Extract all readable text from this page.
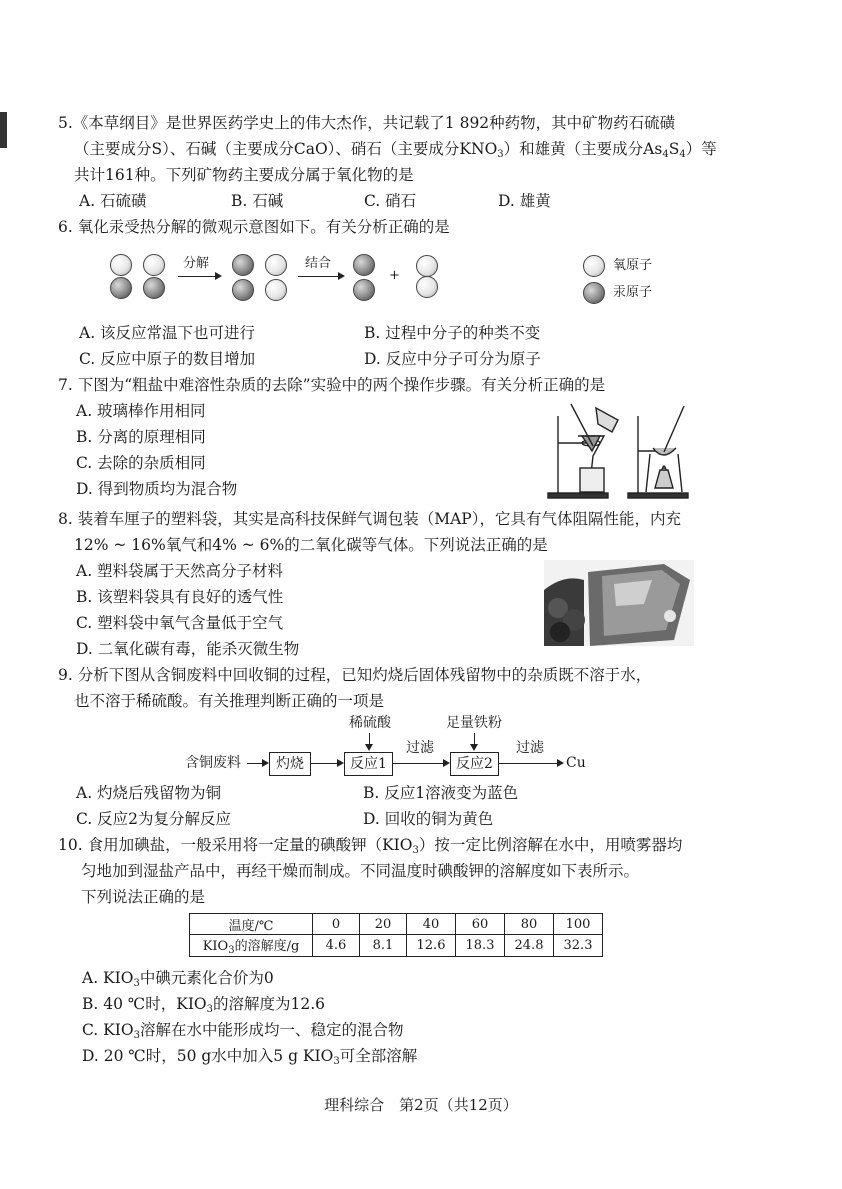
5.《本草纲目》是世界医药学史上的伟大杰作，共记载了1 892种药物，其中矿物药石硫磺
（主要成分S）、石碱（主要成分CaO）、硝石（主要成分$KNO_3$）和雄黄（主要成分$As_4S_4$）等
共计161种。下列矿物药主要成分属于氧化物的是
A. 石硫磺	B. 石碱	C. 硝石	D. 雄黄
6. 氧化汞受热分解的微观示意图如下。有关分析正确的是
分解	结合
+
氧原子
汞原子
A. 该反应常温下也可进行	B. 过程中分子的种类不变
C. 反应中原子的数目增加	D. 反应中分子可分为原子
7. 下图为“粗盐中难溶性杂质的去除”实验中的两个操作步骤。有关分析正确的是
A. 玻璃棒作用相同
B. 分离的原理相同
C. 去除的杂质相同
D. 得到物质均为混合物
8. 装着车厘子的塑料袋，其实是高科技保鲜气调包装（MAP），它具有气体阻隔性能，内充
12% ~ 16%氧气和4% ~ 6%的二氧化碳等气体。下列说法正确的是
A. 塑料袋属于天然高分子材料
B. 该塑料袋具有良好的透气性
C. 塑料袋中氧气含量低于空气
D. 二氧化碳有毒，能杀灭微生物
9. 分析下图从含铜废料中回收铜的过程，已知灼烧后固体残留物中的杂质既不溶于水，
也不溶于稀硫酸。有关推理判断正确的一项是
含铜废料	灼烧
稀硫酸
反应1
过滤
足量铁粉
反应2
过滤
Cu
A. 灼烧后残留物为铜	B. 反应1溶液变为蓝色
C. 反应2为复分解反应	D. 回收的铜为黄色
10. 食用加碘盐，一般采用将一定量的碘酸钾$(KIO_3)$按一定比例溶解在水中，用喷雾器均
匀地加到湿盐产品中，再经干燥而制成。不同温度时碘酸钾的溶解度如下表所示。
下列说法正确的是
温度/℃	0	20	40	60	80	100
$KIO_3$的溶解度/g	4.6	8.1	12.6	18.3	24.8	32.3
A. $KIO_3$中碘元素化合价为0
B. 40 ℃时，$KIO_3$的溶解度为12.6
C. $KIO_3$溶解在水中能形成均一、稳定的混合物
D. 20 ℃时，50 g水中加入5 g $KIO_3$可全部溶解
理科综合　第2页（共12页）
